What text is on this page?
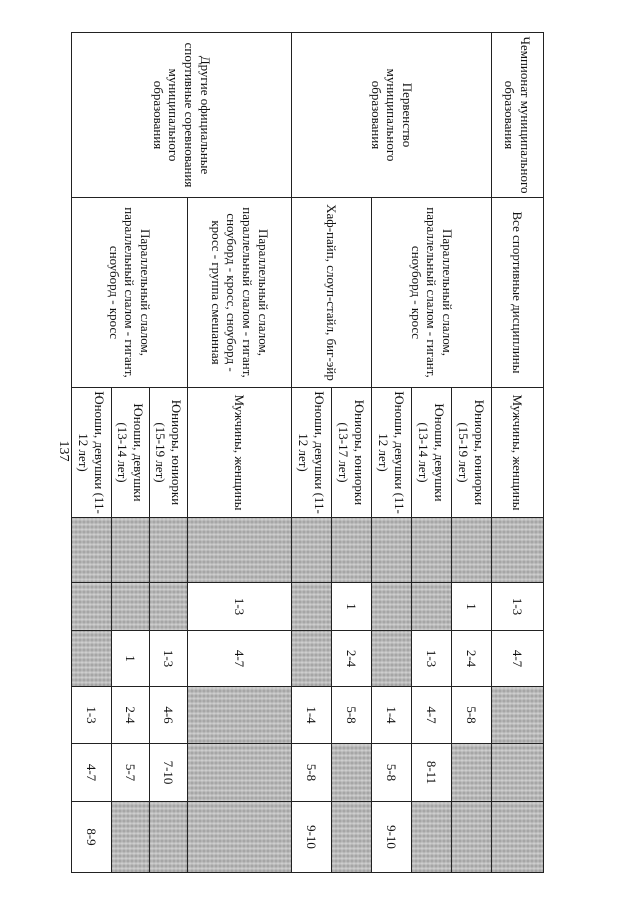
137
Чемпионат муниципального образования	Все спортивные дисциплины	Мужчины, женщины		1-3	4-7			
Первенство муниципального образования	Параллельный слалом, параллельный слалом - гигант, сноуборд - кросс	Юниоры, юниорки (15-19 лет)		1	2-4	5-8		
		Юноши, девушки (13-14 лет)			1-3	4-7	8-11	
		Юноши, девушки (11-12 лет)				1-4	5-8	9-10
	Хаф-пайп, слоуп-стайл, биг-эйр	Юниоры, юниорки (13-17 лет)		1	2-4	5-8		
		Юноши, девушки (11-12 лет)				1-4	5-8	9-10
Другие официальные спортивные соревнования муниципального образования	Параллельный слалом, параллельный слалом - гигант, сноуборд - кросс, сноуборд - кросс - группа смешанная	Мужчины, женщины		1-3	4-7			
	Параллельный слалом, параллельный слалом - гигант, сноуборд - кросс	Юниоры, юниорки (15-19 лет)			1-3	4-6	7-10	
		Юноши, девушки (13-14 лет)			1	2-4	5-7	
		Юноши, девушки (11-12 лет)				1-3	4-7	8-9
